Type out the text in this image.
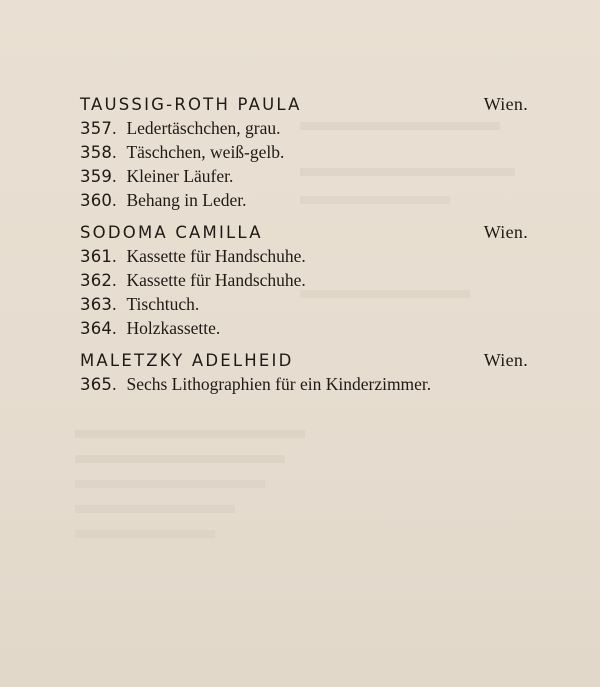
TAUSSIG-ROTH PAULA	Wien.
357 . Ledertäschchen, grau.
358 . Täschchen, weiß-gelb.
359 . Kleiner Läufer.
360 . Behang in Leder.
SODOMA CAMILLA	Wien.
361 . Kassette für Handschuhe.
362 . Kassette für Handschuhe.
363 . Tischtuch.
364 . Holzkassette.
MALETZKY ADELHEID	Wien.
365 . Sechs Lithographien für ein Kinderzimmer.
